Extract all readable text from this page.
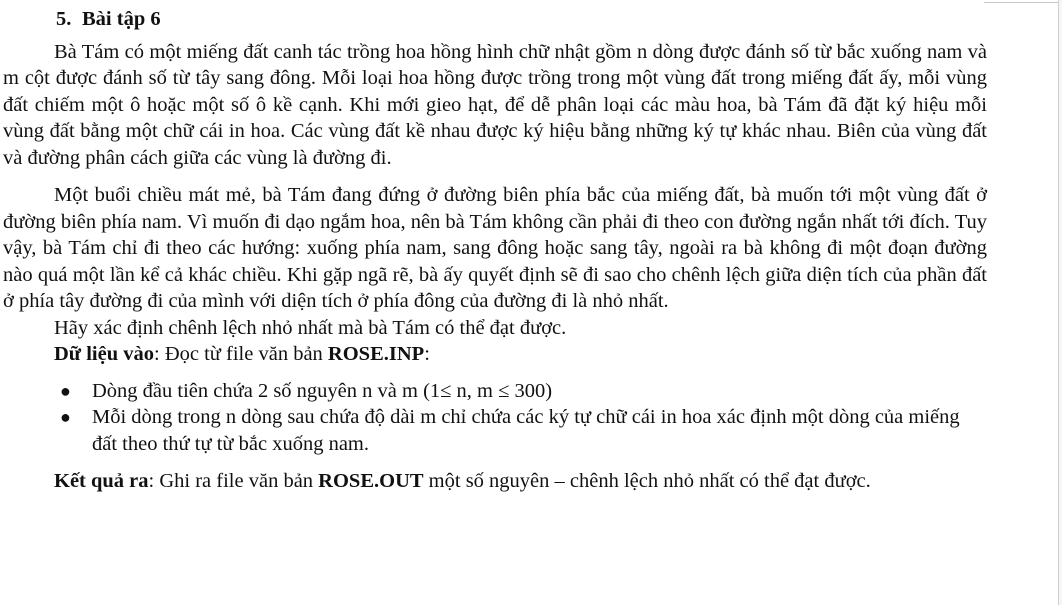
5. Bài tập 6

Bà Tám có một miếng đất canh tác trồng hoa hồng hình chữ nhật gồm n dòng được đánh số từ bắc xuống nam và m cột được đánh số từ tây sang đông. Mỗi loại hoa hồng được trồng trong một vùng đất trong miếng đất ấy, mỗi vùng đất chiếm một ô hoặc một số ô kề cạnh. Khi mới gieo hạt, để dễ phân loại các màu hoa, bà Tám đã đặt ký hiệu mỗi vùng đất bằng một chữ cái in hoa. Các vùng đất kề nhau được ký hiệu bằng những ký tự khác nhau. Biên của vùng đất và đường phân cách giữa các vùng là đường đi.

Một buổi chiều mát mẻ, bà Tám đang đứng ở đường biên phía bắc của miếng đất, bà muốn tới một vùng đất ở đường biên phía nam. Vì muốn đi dạo ngắm hoa, nên bà Tám không cần phải đi theo con đường ngắn nhất tới đích. Tuy vậy, bà Tám chỉ đi theo các hướng: xuống phía nam, sang đông hoặc sang tây, ngoài ra bà không đi một đoạn đường nào quá một lần kể cả khác chiều. Khi gặp ngã rẽ, bà ấy quyết định sẽ đi sao cho chênh lệch giữa diện tích của phần đất ở phía tây đường đi của mình với diện tích ở phía đông của đường đi là nhỏ nhất.

Hãy xác định chênh lệch nhỏ nhất mà bà Tám có thể đạt được.

Dữ liệu vào: Đọc từ file văn bản ROSE.INP:

● Dòng đầu tiên chứa 2 số nguyên n và m (1≤ n, m ≤ 300)
● Mỗi dòng trong n dòng sau chứa độ dài m chỉ chứa các ký tự chữ cái in hoa xác định một dòng của miếng đất theo thứ tự từ bắc xuống nam.

Kết quả ra: Ghi ra file văn bản ROSE.OUT một số nguyên – chênh lệch nhỏ nhất có thể đạt được.
